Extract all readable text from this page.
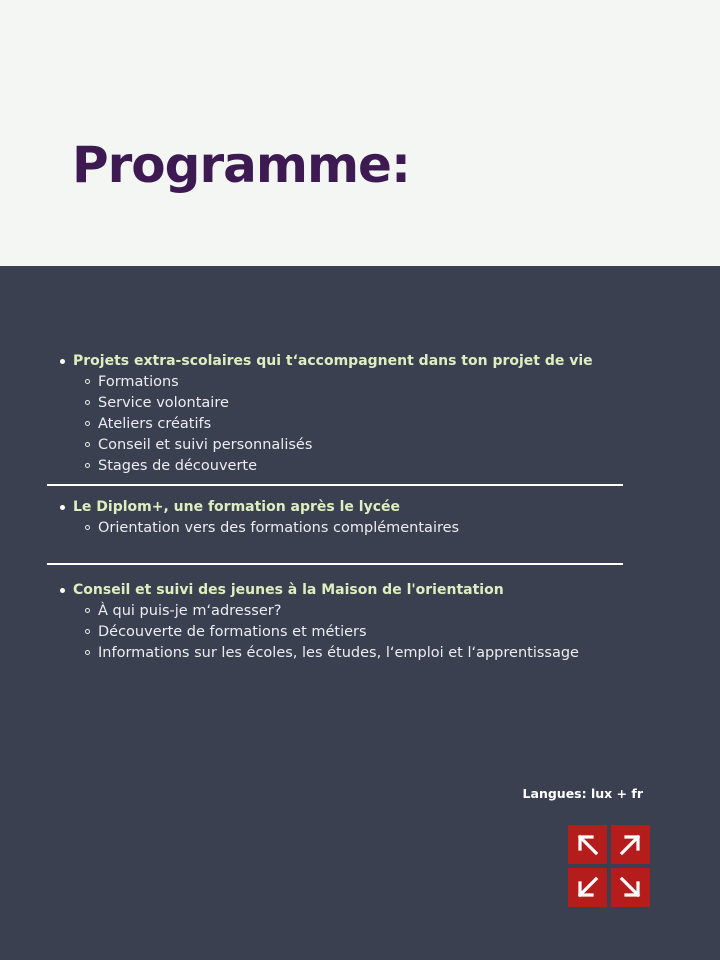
Programme:
Projets extra-scolaires qui t‘accompagnent dans ton projet de vie
Formations
Service volontaire
Ateliers créatifs
Conseil et suivi personnalisés
Stages de découverte
Le Diplom+, une formation après le lycée
Orientation vers des formations complémentaires
Conseil et suivi des jeunes à la Maison de l'orientation
À qui puis-je m‘adresser?
Découverte de formations et métiers
Informations sur les écoles, les études, l‘emploi et l‘apprentissage
Langues: lux + fr
